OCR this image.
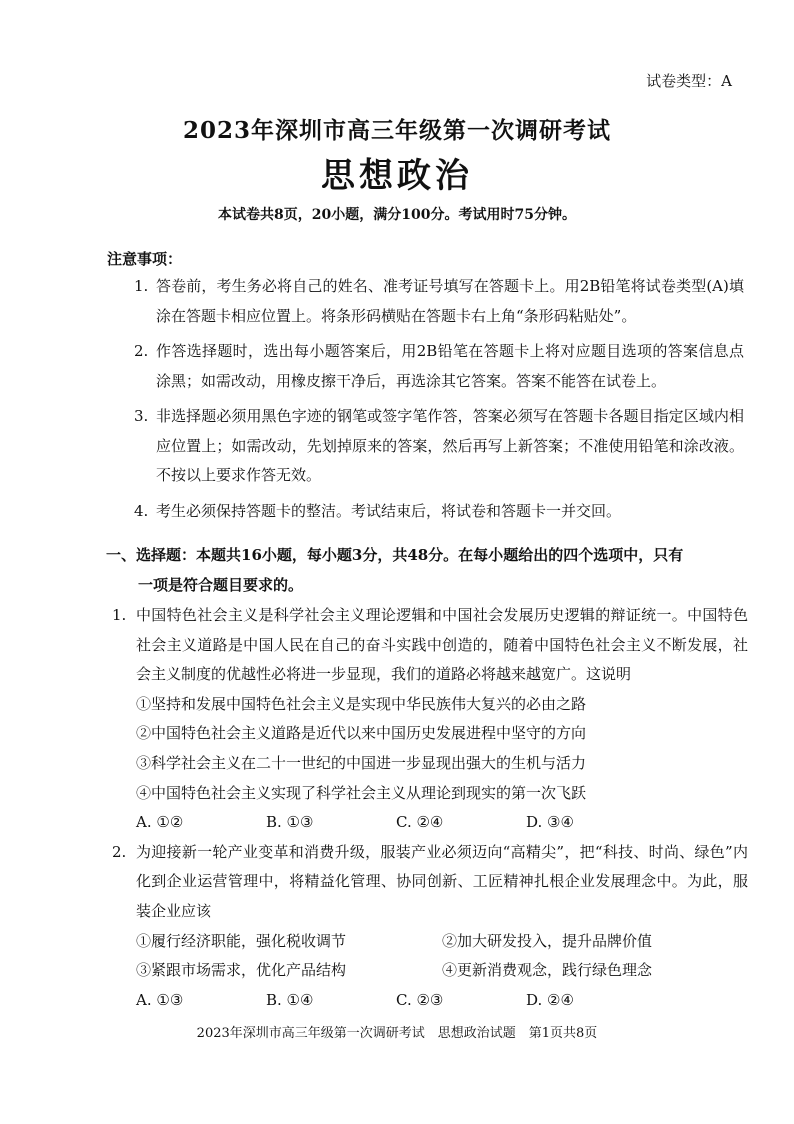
试卷类型：A
2023年深圳市高三年级第一次调研考试
思想政治
本试卷共8页，20小题，满分100分。考试用时75分钟。
注意事项：
1. 答卷前，考生务必将自己的姓名、准考证号填写在答题卡上。用2B铅笔将试卷类型(A)填涂在答题卡相应位置上。将条形码横贴在答题卡右上角“条形码粘贴处”。
2. 作答选择题时，选出每小题答案后，用2B铅笔在答题卡上将对应题目选项的答案信息点涂黑；如需改动，用橡皮擦干净后，再选涂其它答案。答案不能答在试卷上。
3. 非选择题必须用黑色字迹的钢笔或签字笔作答，答案必须写在答题卡各题目指定区域内相应位置上；如需改动，先划掉原来的答案，然后再写上新答案；不准使用铅笔和涂改液。不按以上要求作答无效。
4. 考生必须保持答题卡的整洁。考试结束后，将试卷和答题卡一并交回。
一、选择题：本题共16小题，每小题3分，共48分。在每小题给出的四个选项中，只有
一项是符合题目要求的。
1. 中国特色社会主义是科学社会主义理论逻辑和中国社会发展历史逻辑的辩证统一。中国特色社会主义道路是中国人民在自己的奋斗实践中创造的，随着中国特色社会主义不断发展，社会主义制度的优越性必将进一步显现，我们的道路必将越来越宽广。这说明
①坚持和发展中国特色社会主义是实现中华民族伟大复兴的必由之路
②中国特色社会主义道路是近代以来中国历史发展进程中坚守的方向
③科学社会主义在二十一世纪的中国进一步显现出强大的生机与活力
④中国特色社会主义实现了科学社会主义从理论到现实的第一次飞跃
A. ①②	B. ①③	C. ②④	D. ③④
2. 为迎接新一轮产业变革和消费升级，服装产业必须迈向“高精尖”，把“科技、时尚、绿色”内化到企业运营管理中，将精益化管理、协同创新、工匠精神扎根企业发展理念中。为此，服装企业应该
①履行经济职能，强化税收调节	②加大研发投入，提升品牌价值
③紧跟市场需求，优化产品结构	④更新消费观念，践行绿色理念
A. ①③	B. ①④	C. ②③	D. ②④
2023年深圳市高三年级第一次调研考试　思想政治试题　第1页共8页
